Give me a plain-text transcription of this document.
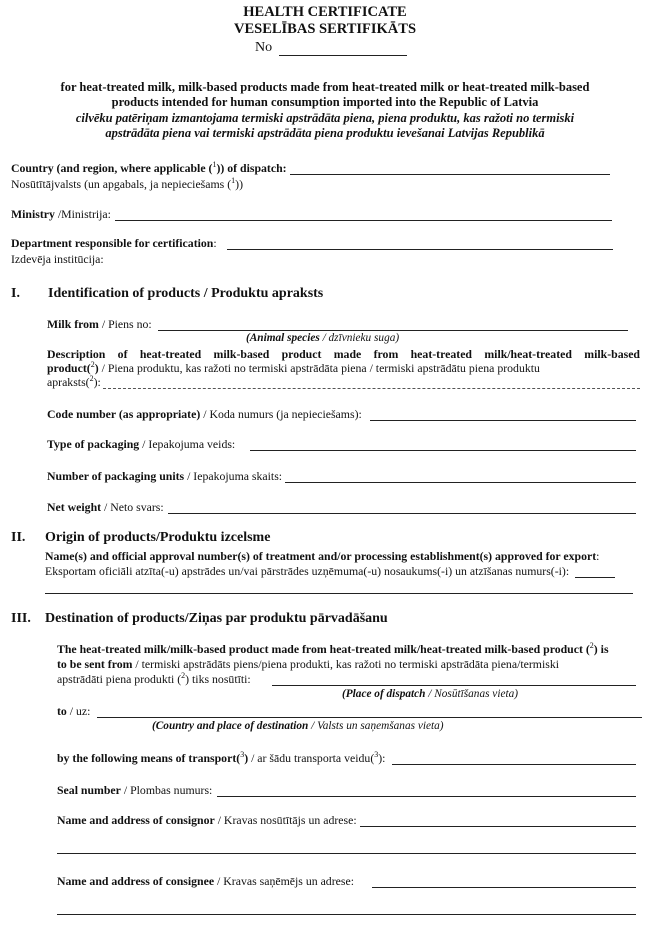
HEALTH CERTIFICATE
VESELĪBAS SERTIFIKĀTS
No
for heat-treated milk, milk-based products made from heat-treated milk or heat-treated milk-based
products intended for human consumption imported into the Republic of Latvia
cilvēku patēriņam izmantojama termiski apstrādāta piena, piena produktu, kas ražoti no termiski
apstrādāta piena vai termiski apstrādāta piena produktu ievešanai Latvijas Republikā
Country (and region, where applicable ($^1$)) of dispatch:
Nosūtītājvalsts (un apgabals, ja nepieciešams ($^1$))
Ministry /Ministrija:
Department responsible for certification:
Izdevēja institūcija:
I. Identification of products / Produktu apraksts
Milk from / Piens no:
(Animal species / dzīvnieku suga)
Description of heat-treated milk-based product made from heat-treated milk/heat-treated milk-based
product($^2$) / Piena produktu, kas ražoti no termiski apstrādāta piena / termiski apstrādātu piena produktu
apraksts($^2$):
Code number (as appropriate) / Koda numurs (ja nepieciešams):
Type of packaging / Iepakojuma veids:
Number of packaging units / Iepakojuma skaits:
Net weight / Neto svars:
II. Origin of products/Produktu izcelsme
Name(s) and official approval number(s) of treatment and/or processing establishment(s) approved for export:
Eksportam oficiāli atzīta(-u) apstrādes un/vai pārstrādes uzņēmuma(-u) nosaukums(-i) un atzīšanas numurs(-i):
III. Destination of products/Ziņas par produktu pārvadāšanu
The heat-treated milk/milk-based product made from heat-treated milk/heat-treated milk-based product ($^2$) is
to be sent from / termiski apstrādāts piens/piena produkti, kas ražoti no termiski apstrādāta piena/termiski
apstrādāti piena produkti ($^2$) tiks nosūtīti:
(Place of dispatch / Nosūtīšanas vieta)
to / uz:
(Country and place of destination / Valsts un saņemšanas vieta)
by the following means of transport($^3$) / ar šādu transporta veidu($^3$):
Seal number / Plombas numurs:
Name and address of consignor / Kravas nosūtītājs un adrese:
Name and address of consignee / Kravas saņēmējs un adrese:
